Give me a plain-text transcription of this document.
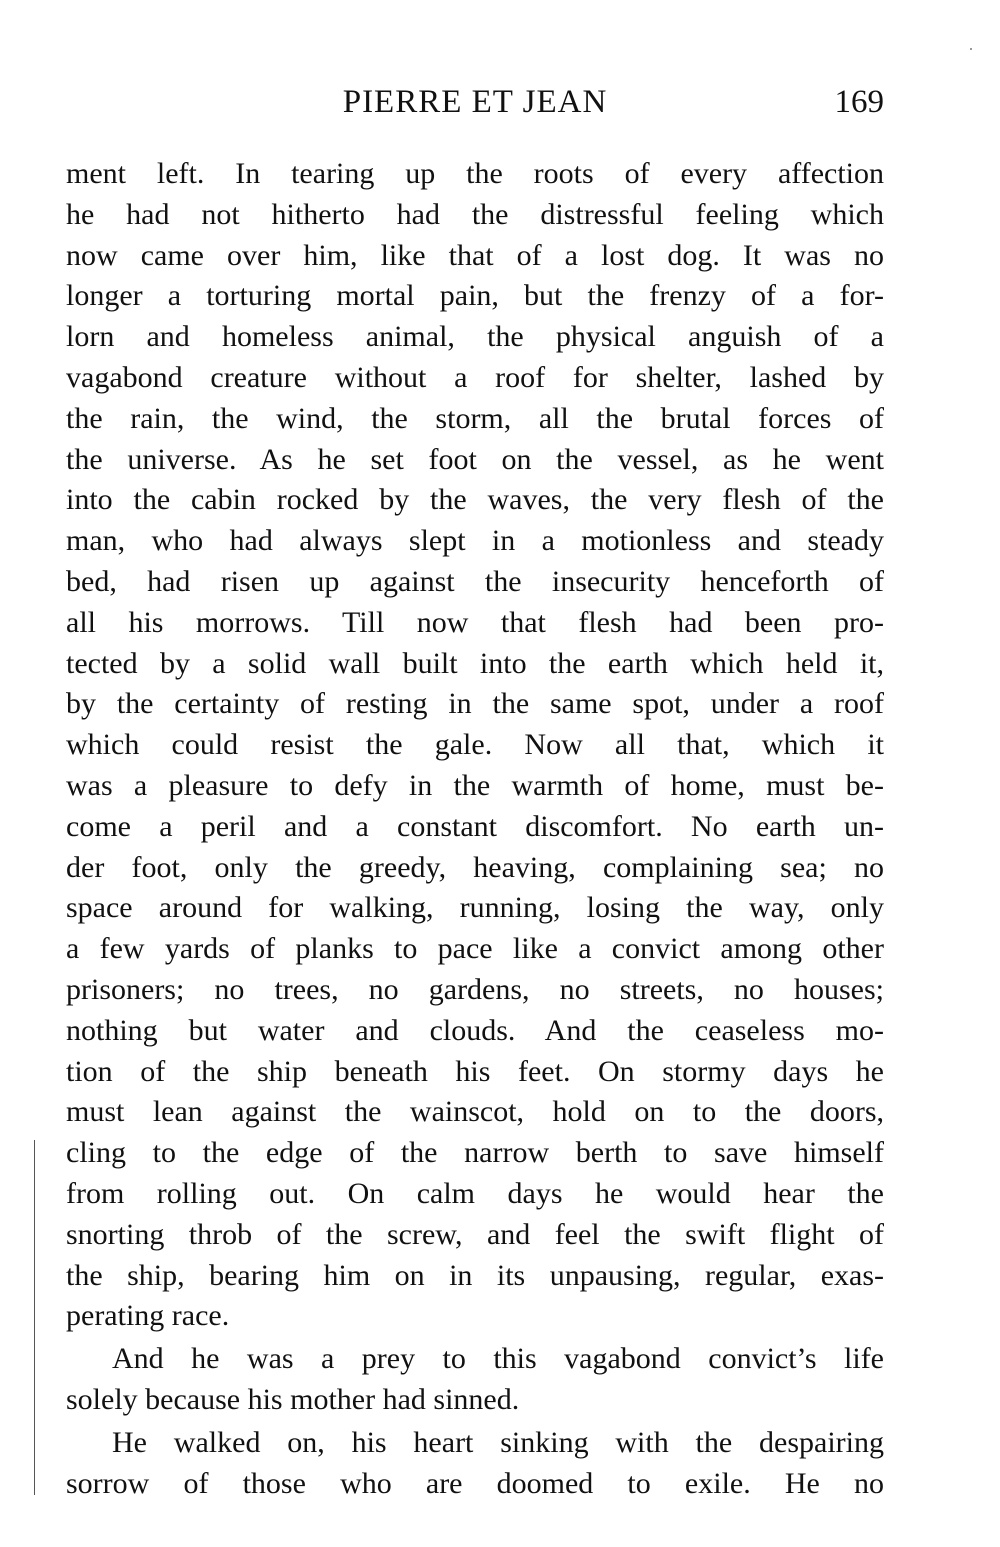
PIERRE ET JEAN	169
ment left. In tearing up the roots of every affection
he had not hitherto had the distressful feeling which
now came over him, like that of a lost dog. It was no
longer a torturing mortal pain, but the frenzy of a for-
lorn and homeless animal, the physical anguish of a
vagabond creature without a roof for shelter, lashed by
the rain, the wind, the storm, all the brutal forces of
the universe. As he set foot on the vessel, as he went
into the cabin rocked by the waves, the very flesh of the
man, who had always slept in a motionless and steady
bed, had risen up against the insecurity henceforth of
all his morrows. Till now that flesh had been pro-
tected by a solid wall built into the earth which held it,
by the certainty of resting in the same spot, under a roof
which could resist the gale. Now all that, which it
was a pleasure to defy in the warmth of home, must be-
come a peril and a constant discomfort. No earth un-
der foot, only the greedy, heaving, complaining sea; no
space around for walking, running, losing the way, only
a few yards of planks to pace like a convict among other
prisoners; no trees, no gardens, no streets, no houses;
nothing but water and clouds. And the ceaseless mo-
tion of the ship beneath his feet. On stormy days he
must lean against the wainscot, hold on to the doors,
cling to the edge of the narrow berth to save himself
from rolling out. On calm days he would hear the
snorting throb of the screw, and feel the swift flight of
the ship, bearing him on in its unpausing, regular, exas-
perating race.
And he was a prey to this vagabond convict’s life
solely because his mother had sinned.
He walked on, his heart sinking with the despairing
sorrow of those who are doomed to exile. He no
